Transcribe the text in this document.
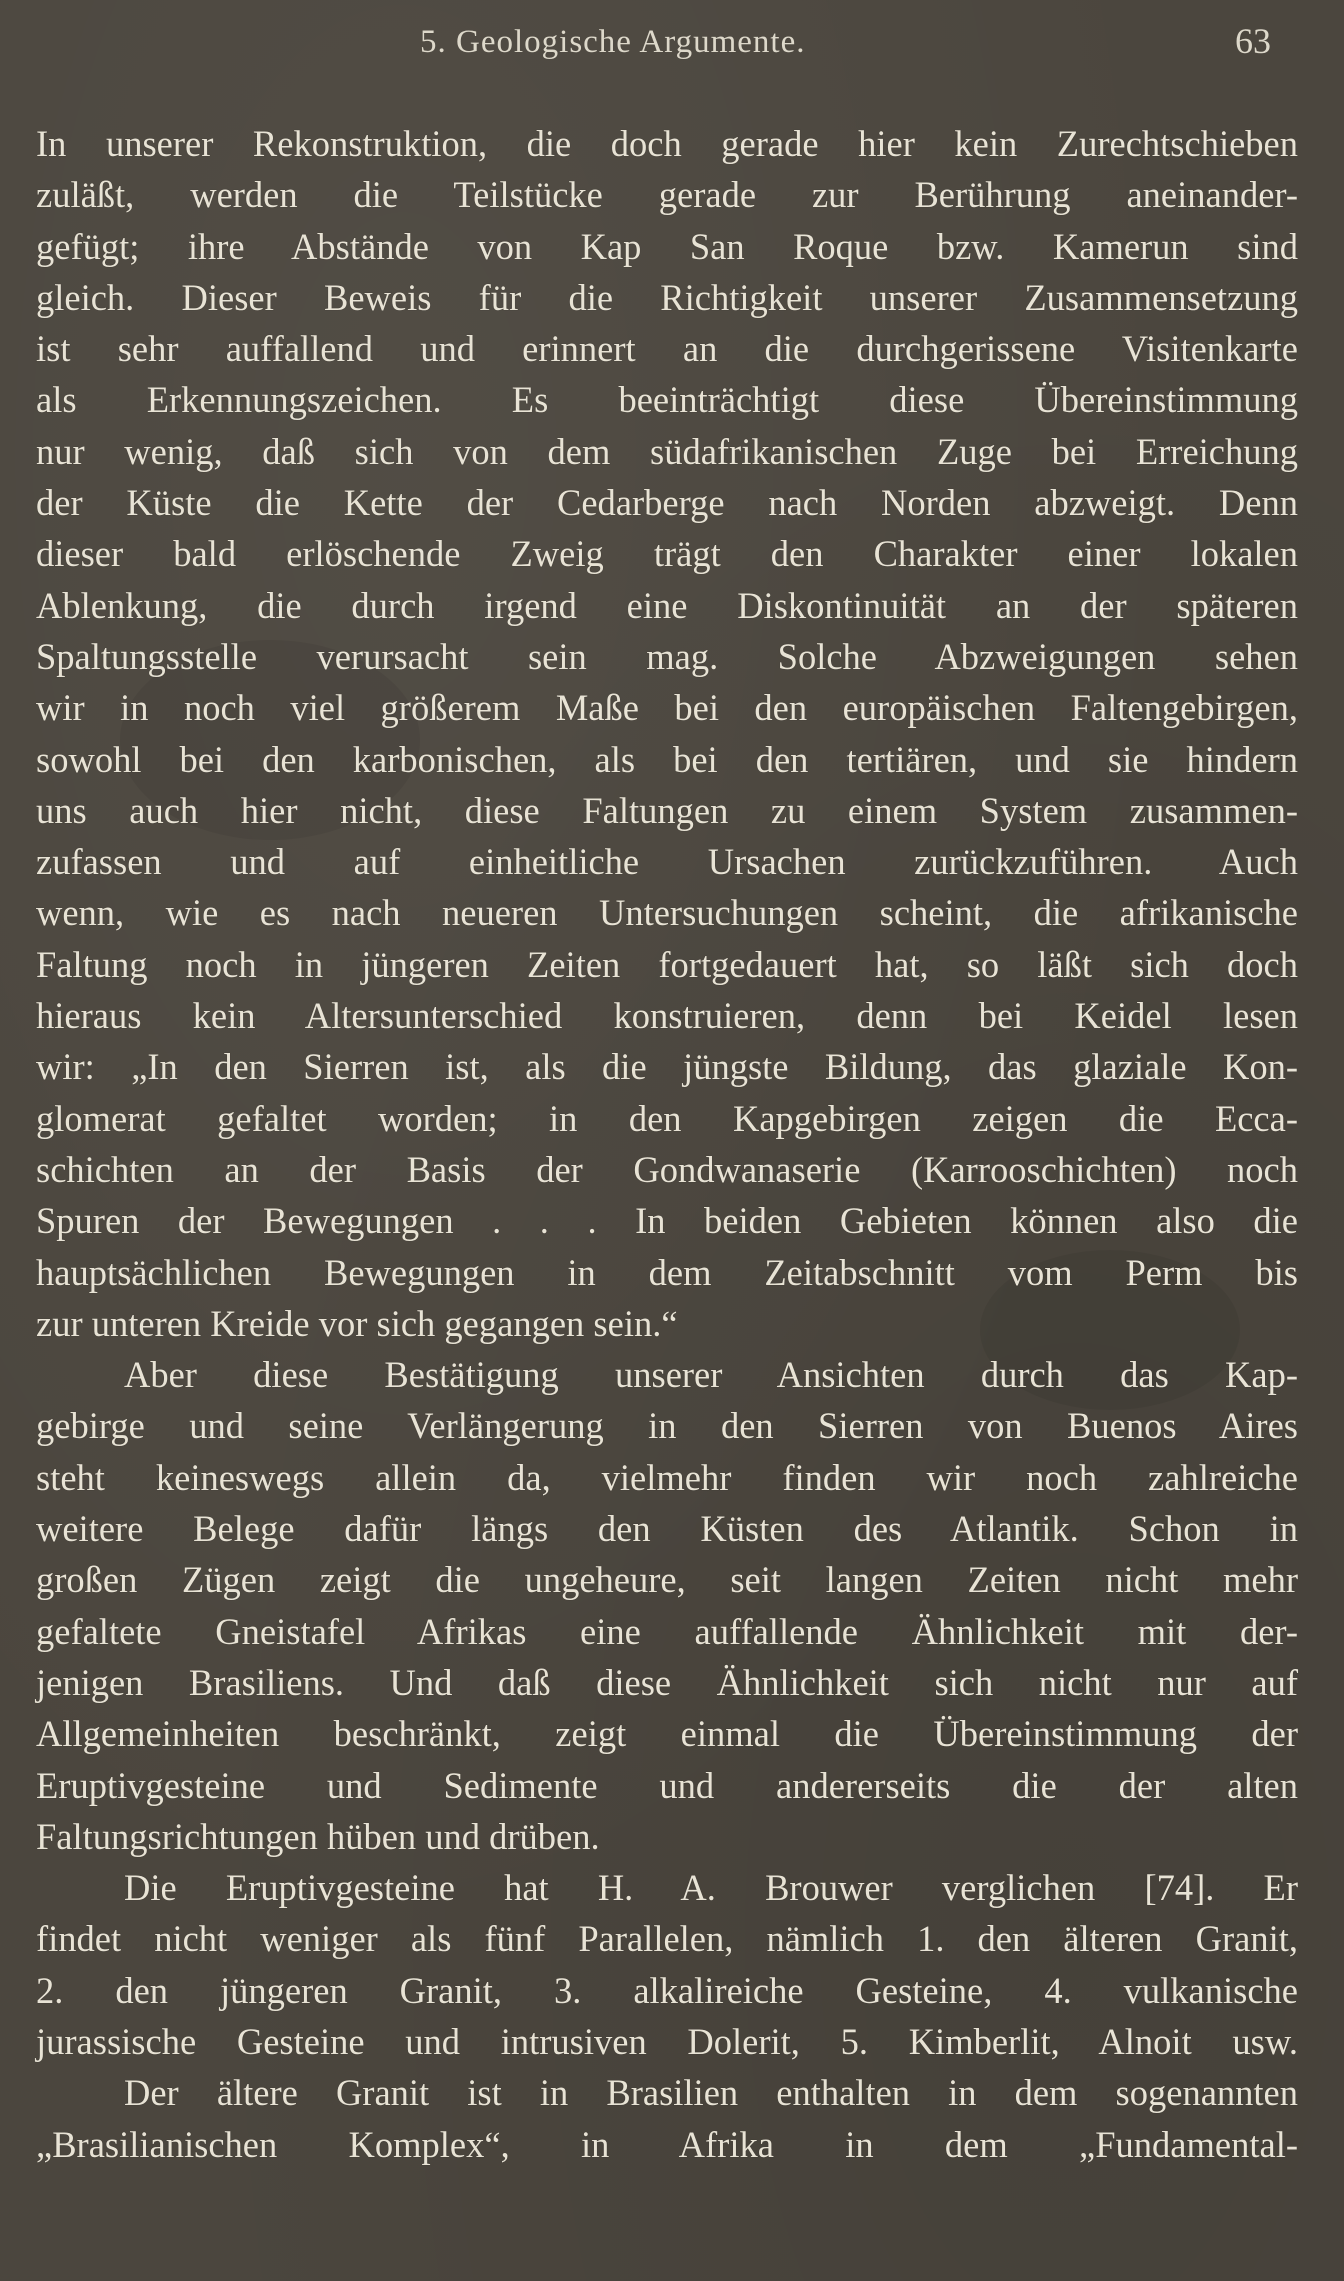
5. Geologische Argumente.	63
In unserer Rekonstruktion, die doch gerade hier kein Zurechtschieben
zuläßt, werden die Teilstücke gerade zur Berührung aneinander-
gefügt; ihre Abstände von Kap San Roque bzw. Kamerun sind
gleich. Dieser Beweis für die Richtigkeit unserer Zusammensetzung
ist sehr auffallend und erinnert an die durchgerissene Visitenkarte
als Erkennungszeichen. Es beeinträchtigt diese Übereinstimmung
nur wenig, daß sich von dem südafrikanischen Zuge bei Erreichung
der Küste die Kette der Cedarberge nach Norden abzweigt. Denn
dieser bald erlöschende Zweig trägt den Charakter einer lokalen
Ablenkung, die durch irgend eine Diskontinuität an der späteren
Spaltungsstelle verursacht sein mag. Solche Abzweigungen sehen
wir in noch viel größerem Maße bei den europäischen Faltengebirgen,
sowohl bei den karbonischen, als bei den tertiären, und sie hindern
uns auch hier nicht, diese Faltungen zu einem System zusammen-
zufassen und auf einheitliche Ursachen zurückzuführen. Auch
wenn, wie es nach neueren Untersuchungen scheint, die afrikanische
Faltung noch in jüngeren Zeiten fortgedauert hat, so läßt sich doch
hieraus kein Altersunterschied konstruieren, denn bei Keidel lesen
wir: „In den Sierren ist, als die jüngste Bildung, das glaziale Kon-
glomerat gefaltet worden; in den Kapgebirgen zeigen die Ecca-
schichten an der Basis der Gondwanaserie (Karrooschichten) noch
Spuren der Bewegungen . . . In beiden Gebieten können also die
hauptsächlichen Bewegungen in dem Zeitabschnitt vom Perm bis
zur unteren Kreide vor sich gegangen sein.“
Aber diese Bestätigung unserer Ansichten durch das Kap-
gebirge und seine Verlängerung in den Sierren von Buenos Aires
steht keineswegs allein da, vielmehr finden wir noch zahlreiche
weitere Belege dafür längs den Küsten des Atlantik. Schon in
großen Zügen zeigt die ungeheure, seit langen Zeiten nicht mehr
gefaltete Gneistafel Afrikas eine auffallende Ähnlichkeit mit der-
jenigen Brasiliens. Und daß diese Ähnlichkeit sich nicht nur auf
Allgemeinheiten beschränkt, zeigt einmal die Übereinstimmung der
Eruptivgesteine und Sedimente und andererseits die der alten
Faltungsrichtungen hüben und drüben.
Die Eruptivgesteine hat H. A. Brouwer verglichen [74]. Er
findet nicht weniger als fünf Parallelen, nämlich 1. den älteren Granit,
2. den jüngeren Granit, 3. alkalireiche Gesteine, 4. vulkanische
jurassische Gesteine und intrusiven Dolerit, 5. Kimberlit, Alnoit usw.
Der ältere Granit ist in Brasilien enthalten in dem sogenannten
„Brasilianischen Komplex“, in Afrika in dem „Fundamental-
